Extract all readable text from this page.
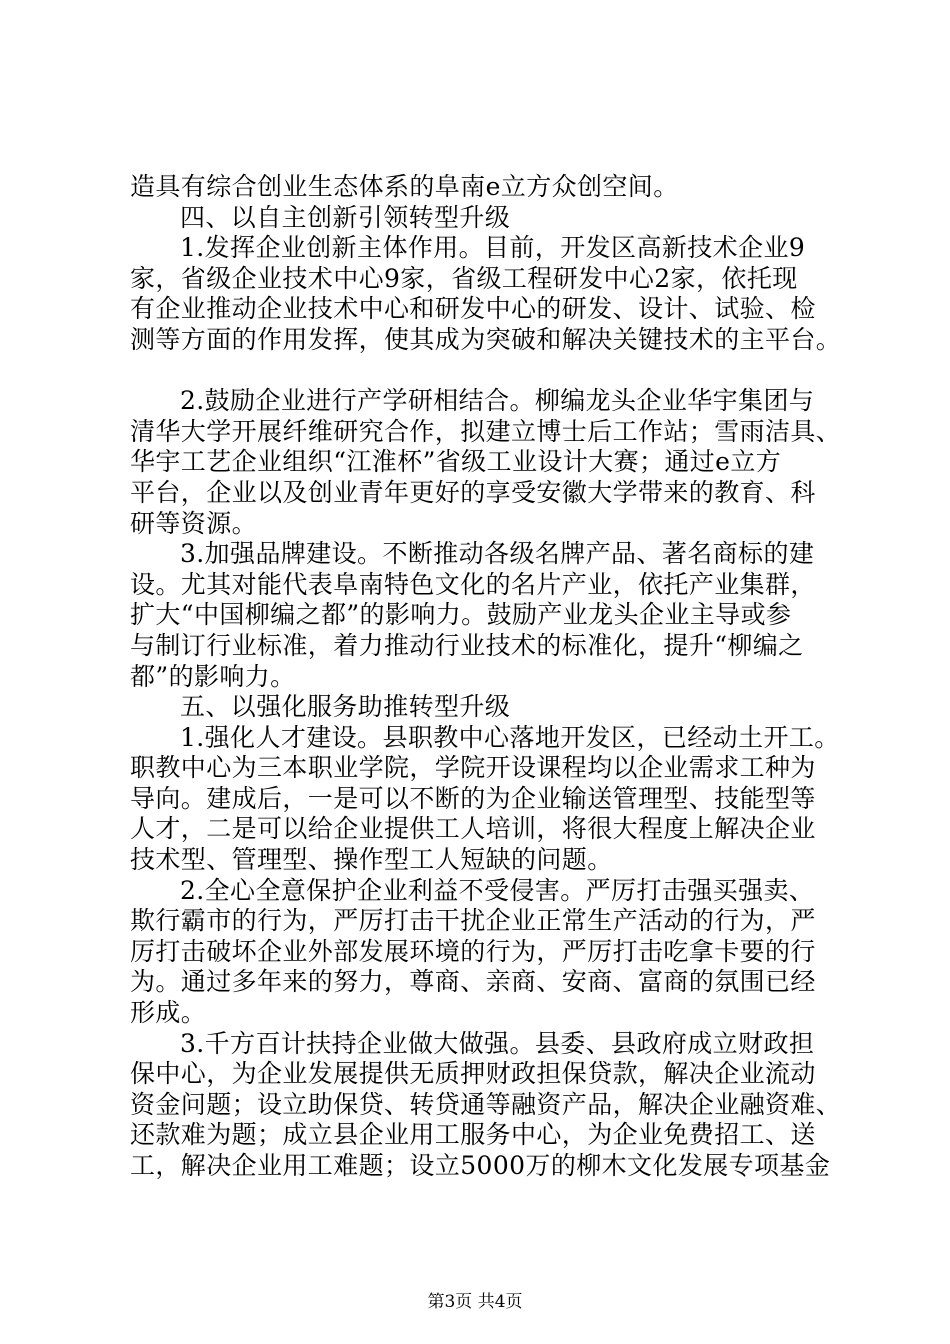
造具有综合创业生态体系的阜南e立方众创空间。
四、以自主创新引领转型升级
1.发挥企业创新主体作用。目前，开发区高新技术企业9
家，省级企业技术中心9家，省级工程研发中心2家，依托现
有企业推动企业技术中心和研发中心的研发、设计、试验、检
测等方面的作用发挥，使其成为突破和解决关键技术的主平台。
2.鼓励企业进行产学研相结合。柳编龙头企业华宇集团与
清华大学开展纤维研究合作，拟建立博士后工作站；雪雨洁具、
华宇工艺企业组织“江淮杯”省级工业设计大赛；通过e立方
平台，企业以及创业青年更好的享受安徽大学带来的教育、科
研等资源。
3.加强品牌建设。不断推动各级名牌产品、著名商标的建
设。尤其对能代表阜南特色文化的名片产业，依托产业集群，
扩大“中国柳编之都”的影响力。鼓励产业龙头企业主导或参
与制订行业标准，着力推动行业技术的标准化，提升“柳编之
都”的影响力。
五、以强化服务助推转型升级
1.强化人才建设。县职教中心落地开发区，已经动土开工。
职教中心为三本职业学院，学院开设课程均以企业需求工种为
导向。建成后，一是可以不断的为企业输送管理型、技能型等
人才，二是可以给企业提供工人培训，将很大程度上解决企业
技术型、管理型、操作型工人短缺的问题。
2.全心全意保护企业利益不受侵害。严厉打击强买强卖、
欺行霸市的行为，严厉打击干扰企业正常生产活动的行为，严
厉打击破坏企业外部发展环境的行为，严厉打击吃拿卡要的行
为。通过多年来的努力，尊商、亲商、安商、富商的氛围已经
形成。
3.千方百计扶持企业做大做强。县委、县政府成立财政担
保中心，为企业发展提供无质押财政担保贷款，解决企业流动
资金问题；设立助保贷、转贷通等融资产品，解决企业融资难、
还款难为题；成立县企业用工服务中心，为企业免费招工、送
工，解决企业用工难题；设立5000万的柳木文化发展专项基金
第3页 共4页
